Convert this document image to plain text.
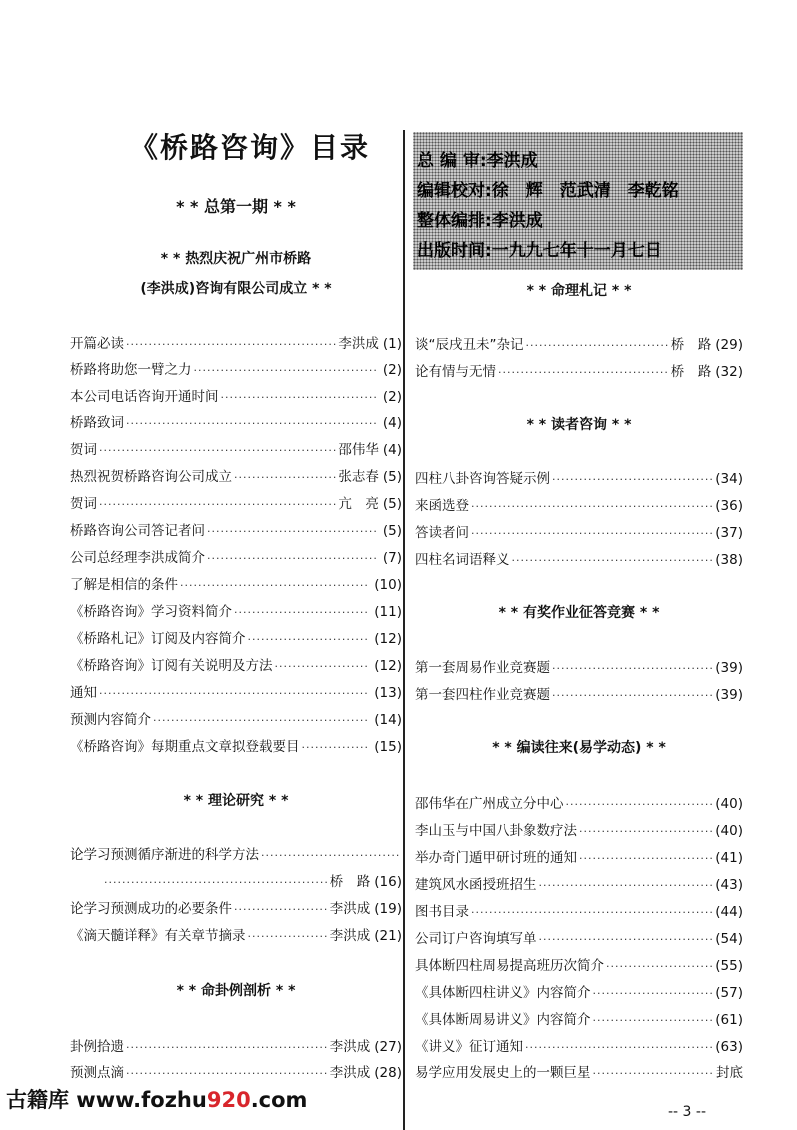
《桥路咨询》目录
* * 总第一期 * *
* * 热烈庆祝广州市桥路
(李洪成)咨询有限公司成立 * *
开篇必读 ·····	李洪成 (1)
桥路将助您一臂之力 ·····	(2)
本公司电话咨询开通时间 ·····	(2)
桥路致词 ·····	(4)
贺词 ·····	邵伟华 (4)
热烈祝贺桥路咨询公司成立 ·····	张志春 (5)
贺词 ·····	亢　亮 (5)
桥路咨询公司答记者问 ·····	(5)
公司总经理李洪成简介 ·····	(7)
了解是相信的条件 ·····	(10)
《桥路咨询》学习资料简介 ·····	(11)
《桥路札记》订阅及内容简介 ·····	(12)
《桥路咨询》订阅有关说明及方法 ·····	(12)
通知 ·····	(13)
预测内容简介 ·····	(14)
《桥路咨询》每期重点文章拟登载要目 ·····	(15)
* * 理论研究 * *
论学习预测循序渐进的科学方法
·····
·····
桥　路 (16)
论学习预测成功的必要条件 ·····	李洪成 (19)
《滴天髓详释》有关章节摘录 ·····	李洪成 (21)
* * 命卦例剖析 * *
卦例拾遗 ·····	李洪成 (27)
预测点滴 ·····	李洪成 (28)
总 编 审:李洪成
编辑校对:徐　辉　范武清　李乾铭
整体编排:李洪成
出版时间:一九九七年十一月七日
* * 命理札记 * *
谈“辰戌丑未”杂记 ·····	桥　路 (29)
论有情与无情 ·····	桥　路 (32)
* * 读者咨询 * *
四柱八卦咨询答疑示例 ·····	(34)
来函选登 ·····	(36)
答读者问 ·····	(37)
四柱名词语释义 ·····	(38)
* * 有奖作业征答竞赛 * *
第一套周易作业竞赛题 ·····	(39)
第一套四柱作业竞赛题 ·····	(39)
* * 编读往来(易学动态) * *
邵伟华在广州成立分中心 ·····	(40)
李山玉与中国八卦象数疗法 ·····	(40)
举办奇门遁甲研讨班的通知 ·····	(41)
建筑风水函授班招生 ·····	(43)
图书目录 ·····	(44)
公司订户咨询填写单 ·····	(54)
具体断四柱周易提高班历次简介 ·····	(55)
《具体断四柱讲义》内容简介 ·····	(57)
《具体断周易讲义》内容简介 ·····	(61)
《讲义》征订通知 ·····	(63)
易学应用发展史上的一颗巨星 ·····	封底
古籍库 www.fozhu920.com	-- 3 --
